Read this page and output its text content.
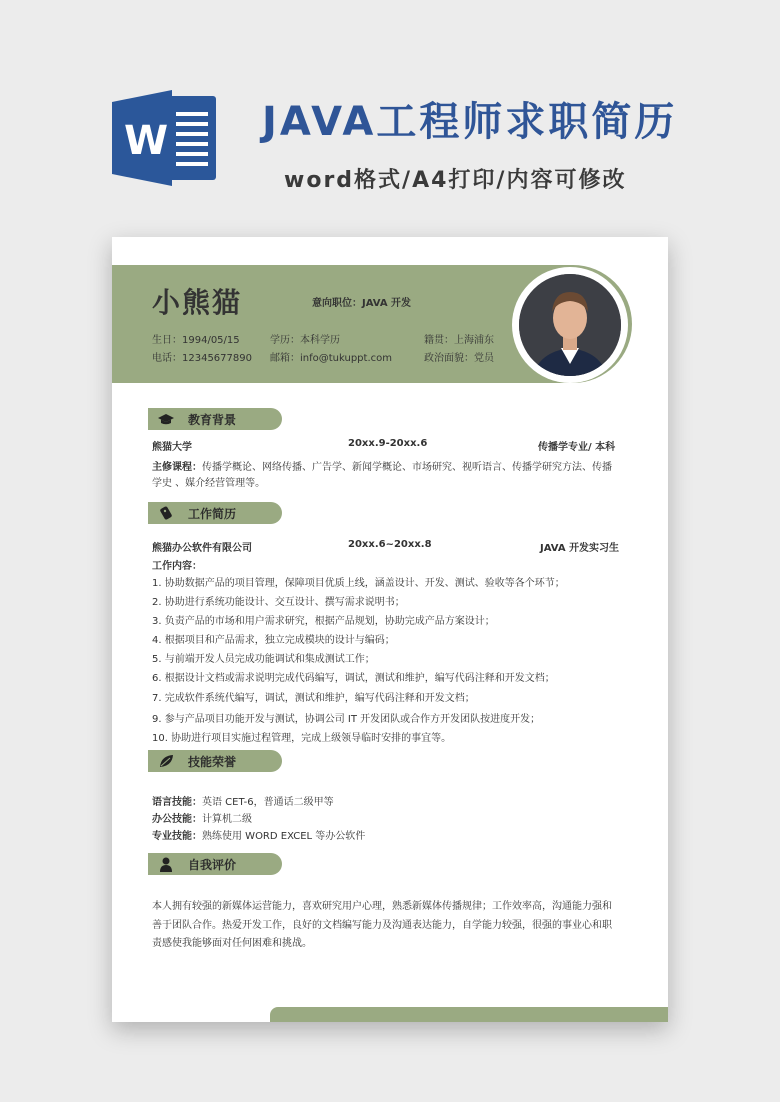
W JAVA工程师求职简历
word格式/A4打印/内容可修改
小熊猫	意向职位：JAVA 开发
生日：1994/05/15	学历：本科学历	籍贯：上海浦东
电话：12345677890 邮箱：info@tukuppt.com	政治面貌：党员
教育背景
熊猫大学	20xx.9-20xx.6	传播学专业/ 本科
主修课程：传播学概论、网络传播、广告学、新闻学概论、市场研究、视听语言、传播学研究方法、传播
学史 、媒介经营管理等。
工作简历
熊猫办公软件有限公司	20xx.6~20xx.8	JAVA 开发实习生
工作内容：
1. 协助数据产品的项目管理，保障项目优质上线，涵盖设计、开发、测试、验收等各个环节；
2. 协助进行系统功能设计、交互设计、撰写需求说明书；
3. 负责产品的市场和用户需求研究，根据产品规划，协助完成产品方案设计；
4. 根据项目和产品需求，独立完成模块的设计与编码；
5. 与前端开发人员完成功能调试和集成测试工作；
6. 根据设计文档或需求说明完成代码编写，调试，测试和维护，编写代码注释和开发文档；
7. 完成软件系统代编写，调试，测试和维护，编写代码注释和开发文档；
9. 参与产品项目功能开发与测试，协调公司 IT 开发团队或合作方开发团队按进度开发；
10. 协助进行项目实施过程管理，完成上级领导临时安排的事宜等。
技能荣誉
语言技能：英语 CET-6，普通话二级甲等
办公技能：计算机二级
专业技能：熟练使用 WORD EXCEL 等办公软件
自我评价
本人拥有较强的新媒体运营能力，喜欢研究用户心理，熟悉新媒体传播规律；工作效率高，沟通能力强和
善于团队合作。热爱开发工作，良好的文档编写能力及沟通表达能力，自学能力较强，很强的事业心和职
责感使我能够面对任何困难和挑战。
